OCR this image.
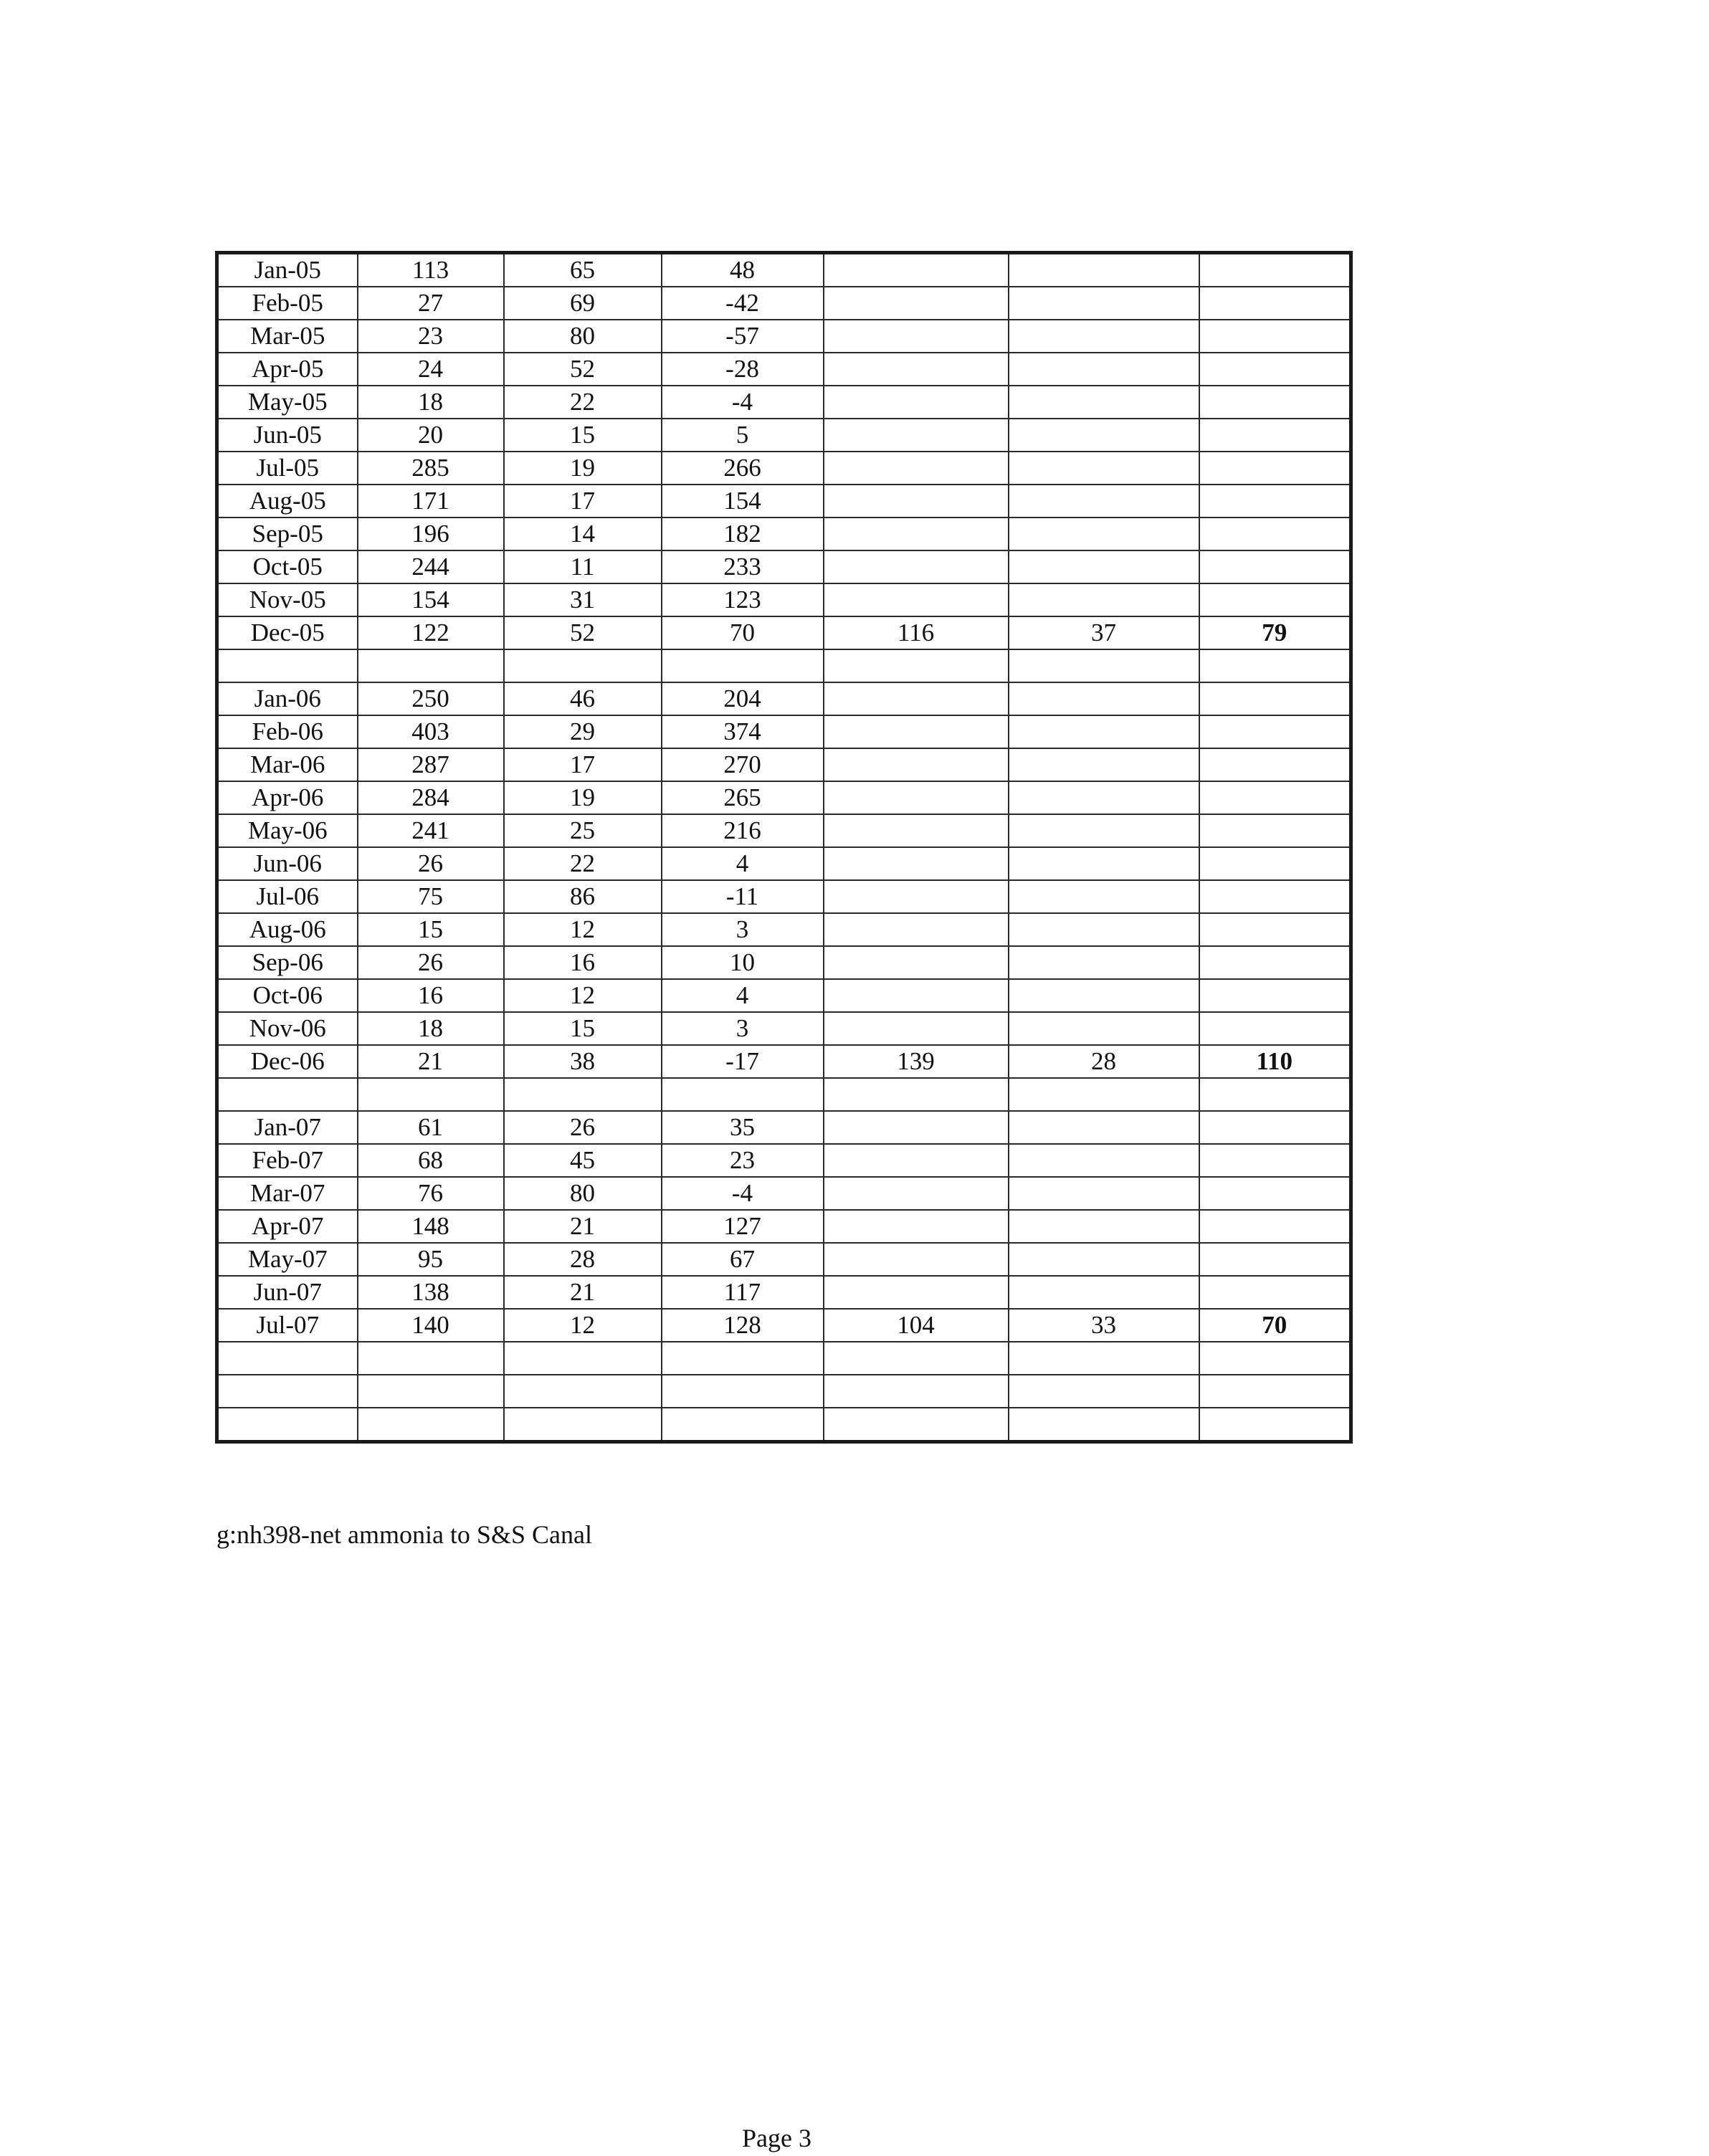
Jan-05	113	65	48			
Feb-05	27	69	-42			
Mar-05	23	80	-57			
Apr-05	24	52	-28			
May-05	18	22	-4			
Jun-05	20	15	5			
Jul-05	285	19	266			
Aug-05	171	17	154			
Sep-05	196	14	182			
Oct-05	244	11	233			
Nov-05	154	31	123			
Dec-05	122	52	70	116	37	79

Jan-06	250	46	204			
Feb-06	403	29	374			
Mar-06	287	17	270			
Apr-06	284	19	265			
May-06	241	25	216			
Jun-06	26	22	4			
Jul-06	75	86	-11			
Aug-06	15	12	3			
Sep-06	26	16	10			
Oct-06	16	12	4			
Nov-06	18	15	3			
Dec-06	21	38	-17	139	28	110

Jan-07	61	26	35			
Feb-07	68	45	23			
Mar-07	76	80	-4			
Apr-07	148	21	127			
May-07	95	28	67			
Jun-07	138	21	117			
Jul-07	140	12	128	104	33	70

g:nh398-net ammonia to S&S Canal
Page 3
